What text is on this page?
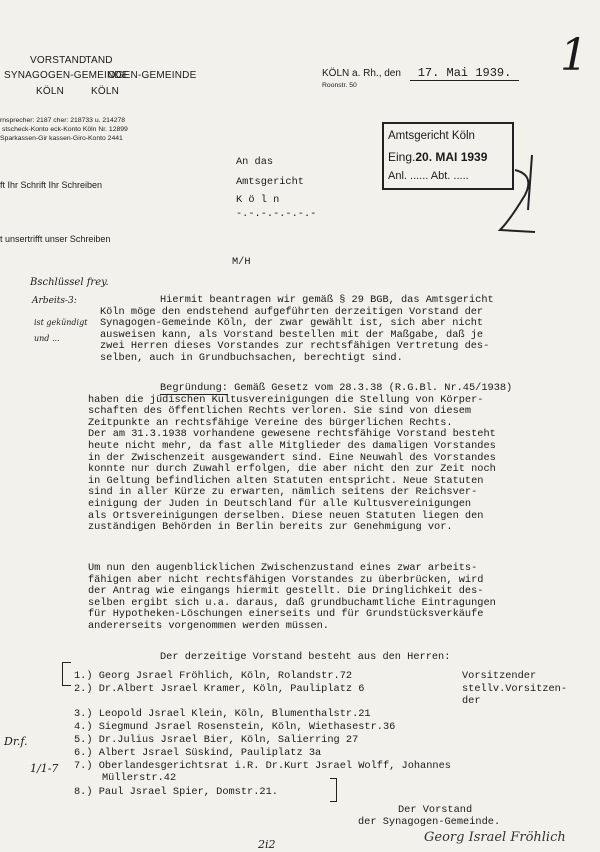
VORSTAND TAND
SYNAGOGEN-GEMEINDE OGEN-GEMEINDE
KÖLN	KÖLN
rnsprecher: 2187 cher: 218733 u. 214278
stscheck-Konto eck-Konto Köln Nr. 12899
Sparkassen-Gir kassen-Giro-Konto 2441
ft Ihr Schrift Ihr Schreiben
t unsertrifft unser Schreiben
KÖLN a. Rh., den 17. Mai 1939.
Roonstr. 50
1
Amtsgericht Köln
Eing.20. MAI 1939
Anl. ...... Abt. .....
An das
Amtsgericht
K ö l n
-.-.-.-.-.-.-
M/H
Bschlüssel frey.
Arbeits-3:
ist gekündigt
und ...
Hiermit beantragen wir gemäß § 29 BGB, das Amtsgericht
Köln möge den endstehend aufgeführten derzeitigen Vorstand der
Synagogen-Gemeinde Köln, der zwar gewählt ist, sich aber nicht
ausweisen kann, als Vorstand bestellen mit der Maßgabe, daß je
zwei Herren dieses Vorstandes zur rechtsfähigen Vertretung des-
selben, auch in Grundbuchsachen, berechtigt sind.
Begründung: Gemäß Gesetz vom 28.3.38 (R.G.Bl. Nr.45/1938)
haben die jüdischen Kultusvereinigungen die Stellung von Körper-
schaften des öffentlichen Rechts verloren. Sie sind von diesem
Zeitpunkte an rechtsfähige Vereine des bürgerlichen Rechts.
Der am 31.3.1938 vorhandene gewesene rechtsfähige Vorstand besteht
heute nicht mehr, da fast alle Mitglieder des damaligen Vorstandes
in der Zwischenzeit ausgewandert sind. Eine Neuwahl des Vorstandes
konnte nur durch Zuwahl erfolgen, die aber nicht den zur Zeit noch
in Geltung befindlichen alten Statuten entspricht. Neue Statuten
sind in aller Kürze zu erwarten, nämlich seitens der Reichsver-
einigung der Juden in Deutschland für alle Kultusvereinigungen
als Ortsvereinigungen derselben. Diese neuen Statuten liegen den
zuständigen Behörden in Berlin bereits zur Genehmigung vor.
Um nun den augenblicklichen Zwischenzustand eines zwar arbeits-
fähigen aber nicht rechtsfähigen Vorstandes zu überbrücken, wird
der Antrag wie eingangs hiermit gestellt. Die Dringlichkeit des-
selben ergibt sich u.a. daraus, daß grundbuchamtliche Eintragungen
für Hypotheken-Löschungen einerseits und für Grundstücksverkäufe
andererseits vorgenommen werden müssen.
Der derzeitige Vorstand besteht aus den Herren:
1.) Georg Jsrael Fröhlich, Köln, Rolandstr.72
2.) Dr.Albert Jsrael Kramer, Köln, Pauliplatz 6
Vorsitzender
stellv.Vorsitzen-
der
3.) Leopold Jsrael Klein, Köln, Blumenthalstr.21
4.) Siegmund Jsrael Rosenstein, Köln, Wiethasestr.36
5.) Dr.Julius Jsrael Bier, Köln, Salierring 27
6.) Albert Jsrael Süskind, Pauliplatz 3a
7.) Oberlandesgerichtsrat i.R. Dr.Kurt Jsrael Wolff, Johannes
Müllerstr.42
8.) Paul Jsrael Spier, Domstr.21.
Dr.f.
1/1-7
Der Vorstand
der Synagogen-Gemeinde.
Georg Israel Fröhlich
2i2
